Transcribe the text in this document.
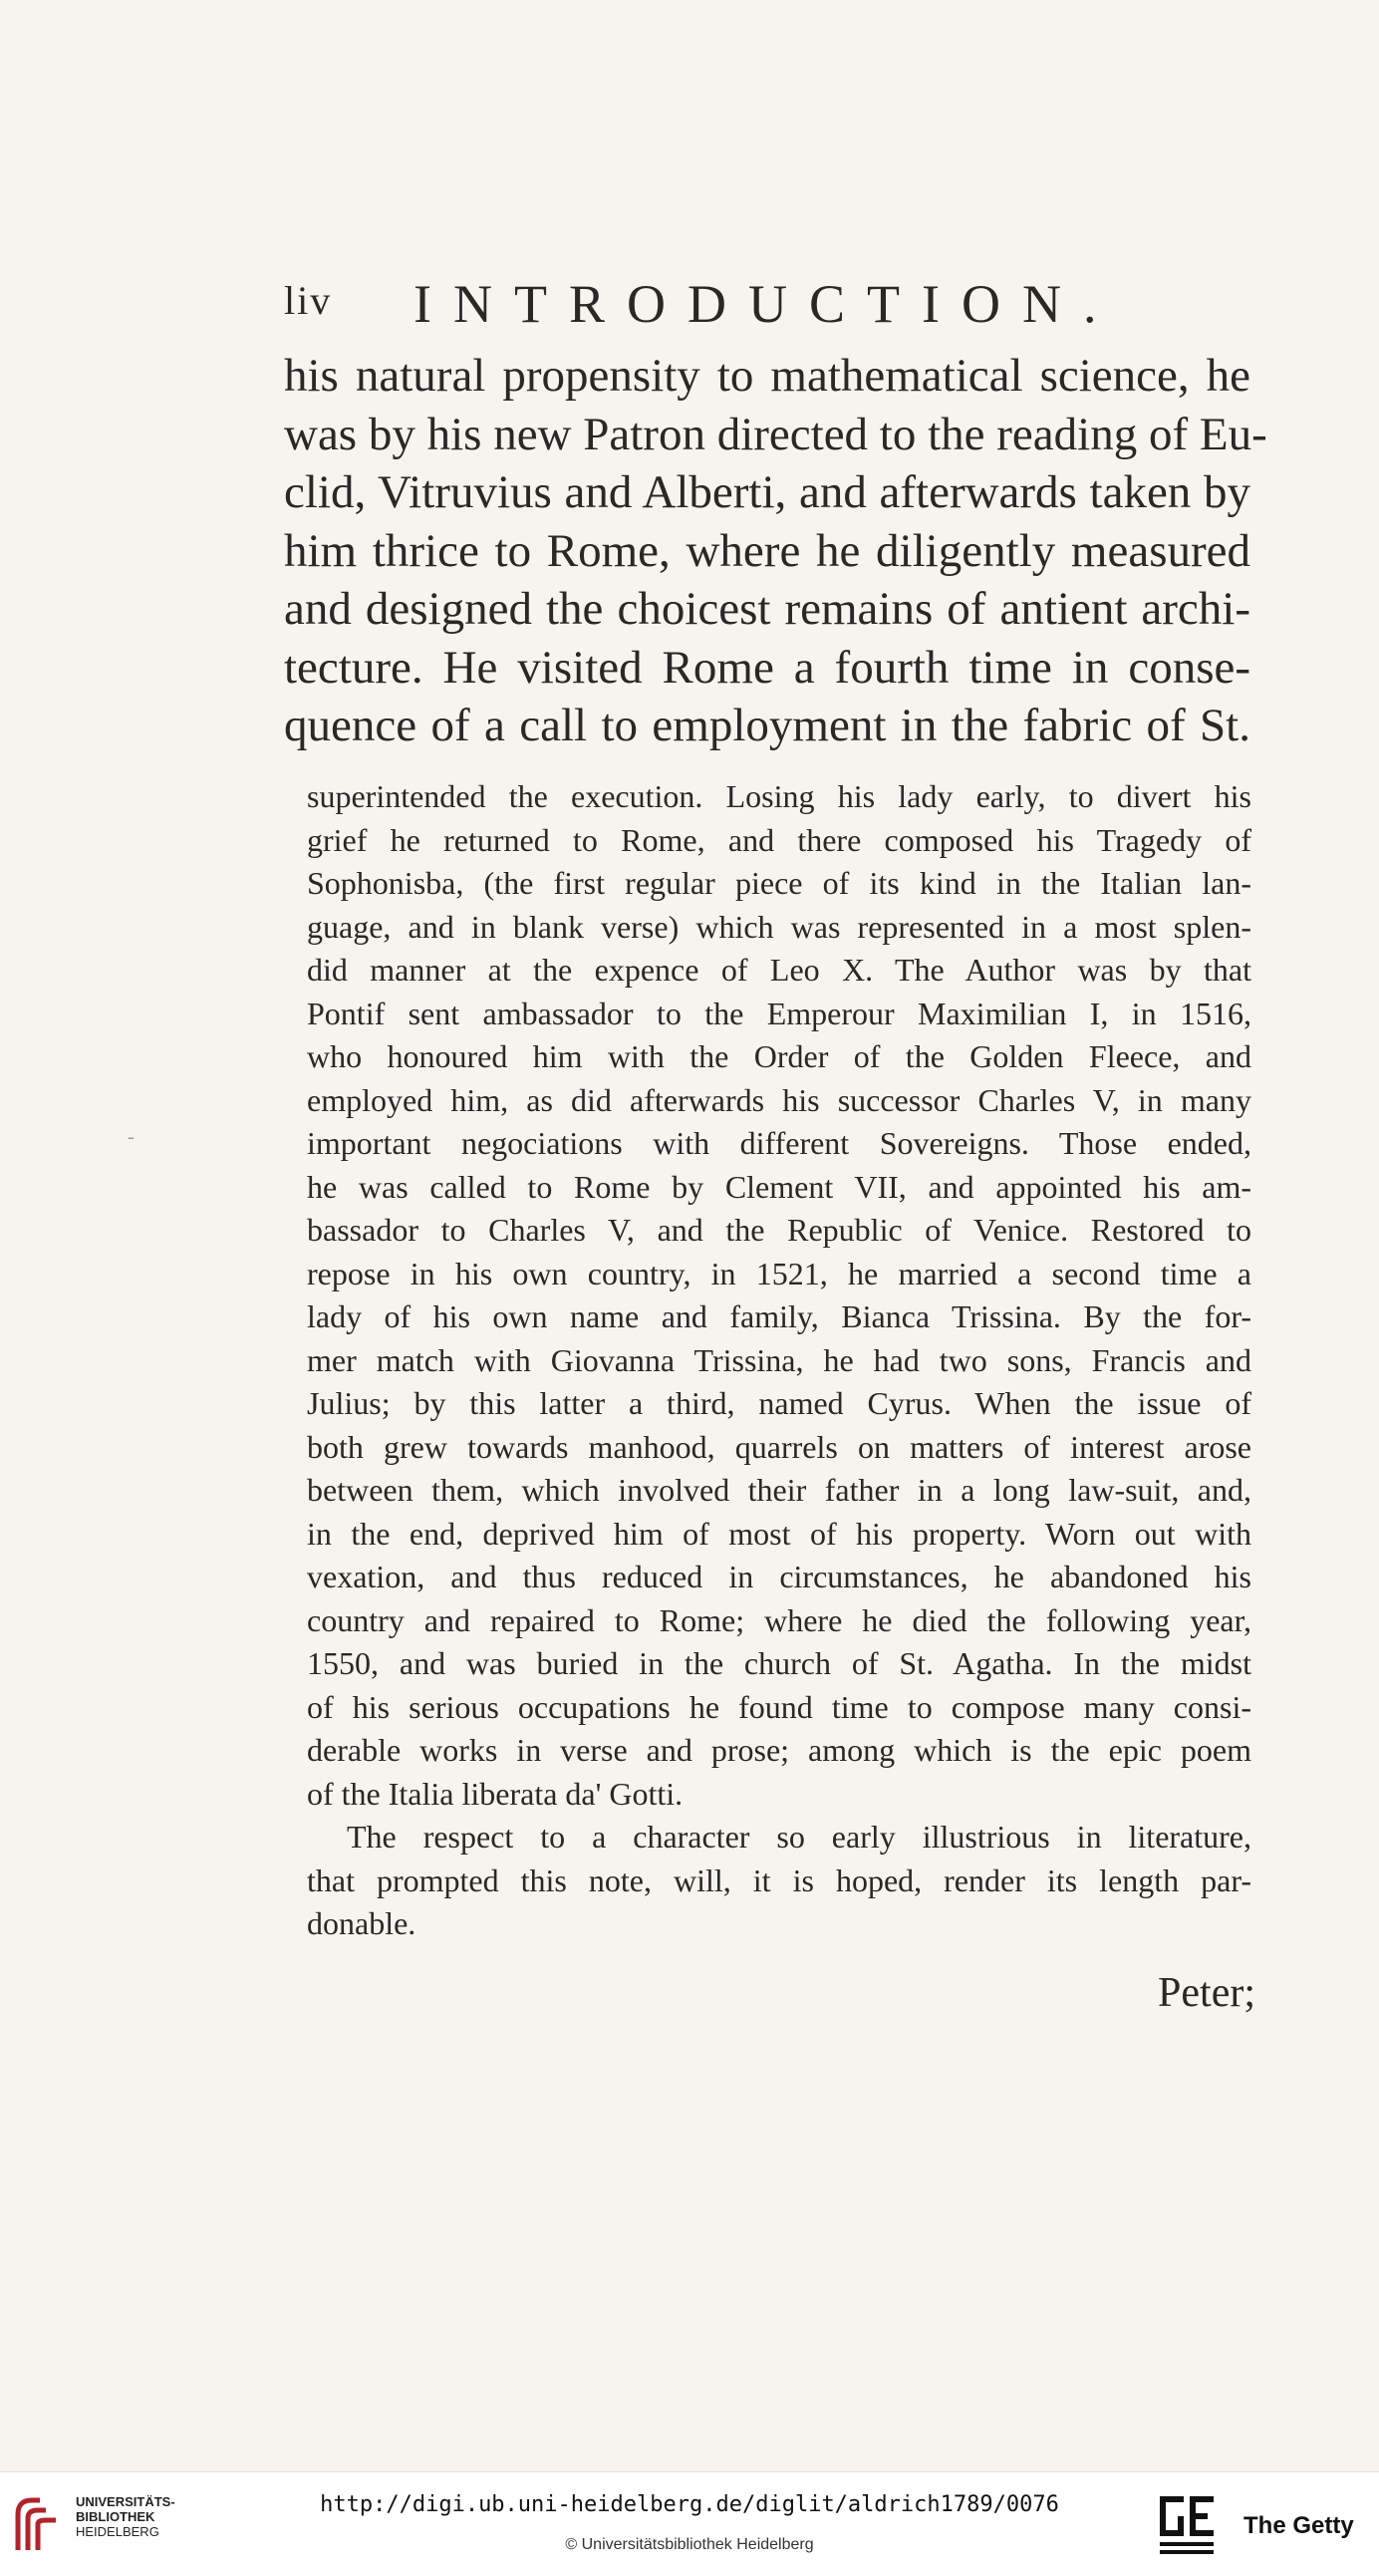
liv INTRODUCTION.
his natural propensity to mathematical science, he
was by his new Patron directed to the reading of Eu-
clid, Vitruvius and Alberti, and afterwards taken by
him thrice to Rome, where he diligently measured
and designed the choicest remains of antient archi-
tecture. He visited Rome a fourth time in conse-
quence of a call to employment in the fabric of St.
superintended the execution. Losing his lady early, to divert his
grief he returned to Rome, and there composed his Tragedy of
Sophonisba, (the first regular piece of its kind in the Italian lan-
guage, and in blank verse) which was represented in a most splen-
did manner at the expence of Leo X. The Author was by that
Pontif sent ambassador to the Emperour Maximilian I, in 1516,
who honoured him with the Order of the Golden Fleece, and
employed him, as did afterwards his successor Charles V, in many
important negociations with different Sovereigns. Those ended,
he was called to Rome by Clement VII, and appointed his am-
bassador to Charles V, and the Republic of Venice. Restored to
repose in his own country, in 1521, he married a second time a
lady of his own name and family, Bianca Trissina. By the for-
mer match with Giovanna Trissina, he had two sons, Francis and
Julius; by this latter a third, named Cyrus. When the issue of
both grew towards manhood, quarrels on matters of interest arose
between them, which involved their father in a long law-suit, and,
in the end, deprived him of most of his property. Worn out with
vexation, and thus reduced in circumstances, he abandoned his
country and repaired to Rome; where he died the following year,
1550, and was buried in the church of St. Agatha. In the midst
of his serious occupations he found time to compose many consi-
derable works in verse and prose; among which is the epic poem
of the Italia liberata da' Gotti.
The respect to a character so early illustrious in literature,
that prompted this note, will, it is hoped, render its length par-
donable.
Peter;
-
UNIVERSITÄTS-
BIBLIOTHEK
HEIDELBERG
http://digi.ub.uni-heidelberg.de/diglit/aldrich1789/0076
© Universitätsbibliothek Heidelberg
The Getty
